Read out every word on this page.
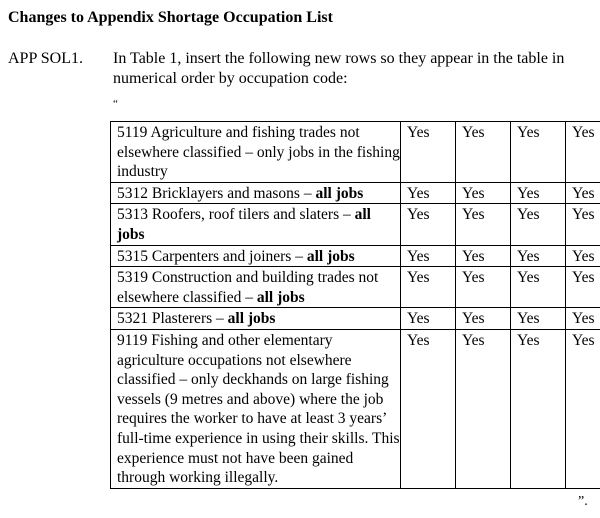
Changes to Appendix Shortage Occupation List
APP SOL1. In Table 1, insert the following new rows so they appear in the table in numerical order by occupation code:
“
5119 Agriculture and fishing trades not elsewhere classified – only jobs in the fishing industry	Yes	Yes	Yes	Yes
5312 Bricklayers and masons – all jobs	Yes	Yes	Yes	Yes
5313 Roofers, roof tilers and slaters – all jobs	Yes	Yes	Yes	Yes
5315 Carpenters and joiners – all jobs	Yes	Yes	Yes	Yes
5319 Construction and building trades not elsewhere classified – all jobs	Yes	Yes	Yes	Yes
5321 Plasterers – all jobs	Yes	Yes	Yes	Yes
9119 Fishing and other elementary agriculture occupations not elsewhere classified – only deckhands on large fishing vessels (9 metres and above) where the job requires the worker to have at least 3 years’ full-time experience in using their skills. This experience must not have been gained through working illegally.	Yes	Yes	Yes	Yes
”.
